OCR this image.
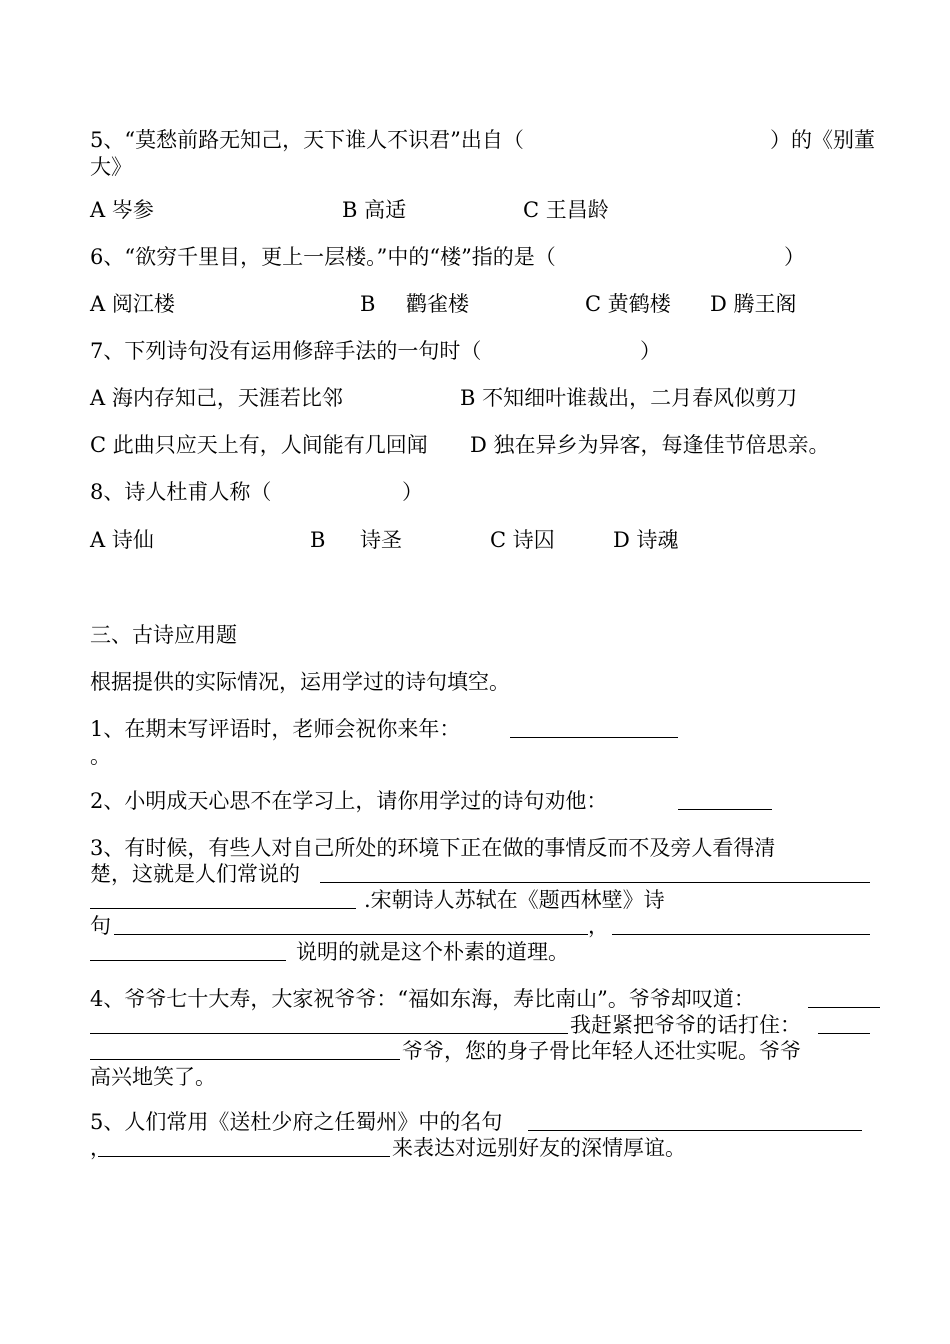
5、“莫愁前路无知己，天下谁人不识君”出自（	）的《别董
大》
A 岑参	B 高适	C 王昌龄
6、“欲穷千里目，更上一层楼。”中的“楼”指的是（	）
A 阅江楼	B 鹳雀楼	C 黄鹤楼 D 腾王阁
7、下列诗句没有运用修辞手法的一句时（	）
A 海内存知己，天涯若比邻	B 不知细叶谁裁出，二月春风似剪刀
C 此曲只应天上有，人间能有几回闻 D 独在异乡为异客，每逢佳节倍思亲。
8、诗人杜甫人称（	）
A 诗仙	B 诗圣	C 诗囚	D 诗魂
三、古诗应用题
根据提供的实际情况，运用学过的诗句填空。
1、在期末写评语时，老师会祝你来年：
。
2、小明成天心思不在学习上，请你用学过的诗句劝他：
3、有时候，有些人对自己所处的环境下正在做的事情反而不及旁人看得清
楚，这就是人们常说的
.宋朝诗人苏轼在《题西林壁》诗
句	，
说明的就是这个朴素的道理。
4、爷爷七十大寿，大家祝爷爷：“福如东海，寿比南山”。爷爷却叹道：
我赶紧把爷爷的话打住：
爷爷，您的身子骨比年轻人还壮实呢。爷爷
高兴地笑了。
5、人们常用《送杜少府之任蜀州》中的名句
，	来表达对远别好友的深情厚谊。
